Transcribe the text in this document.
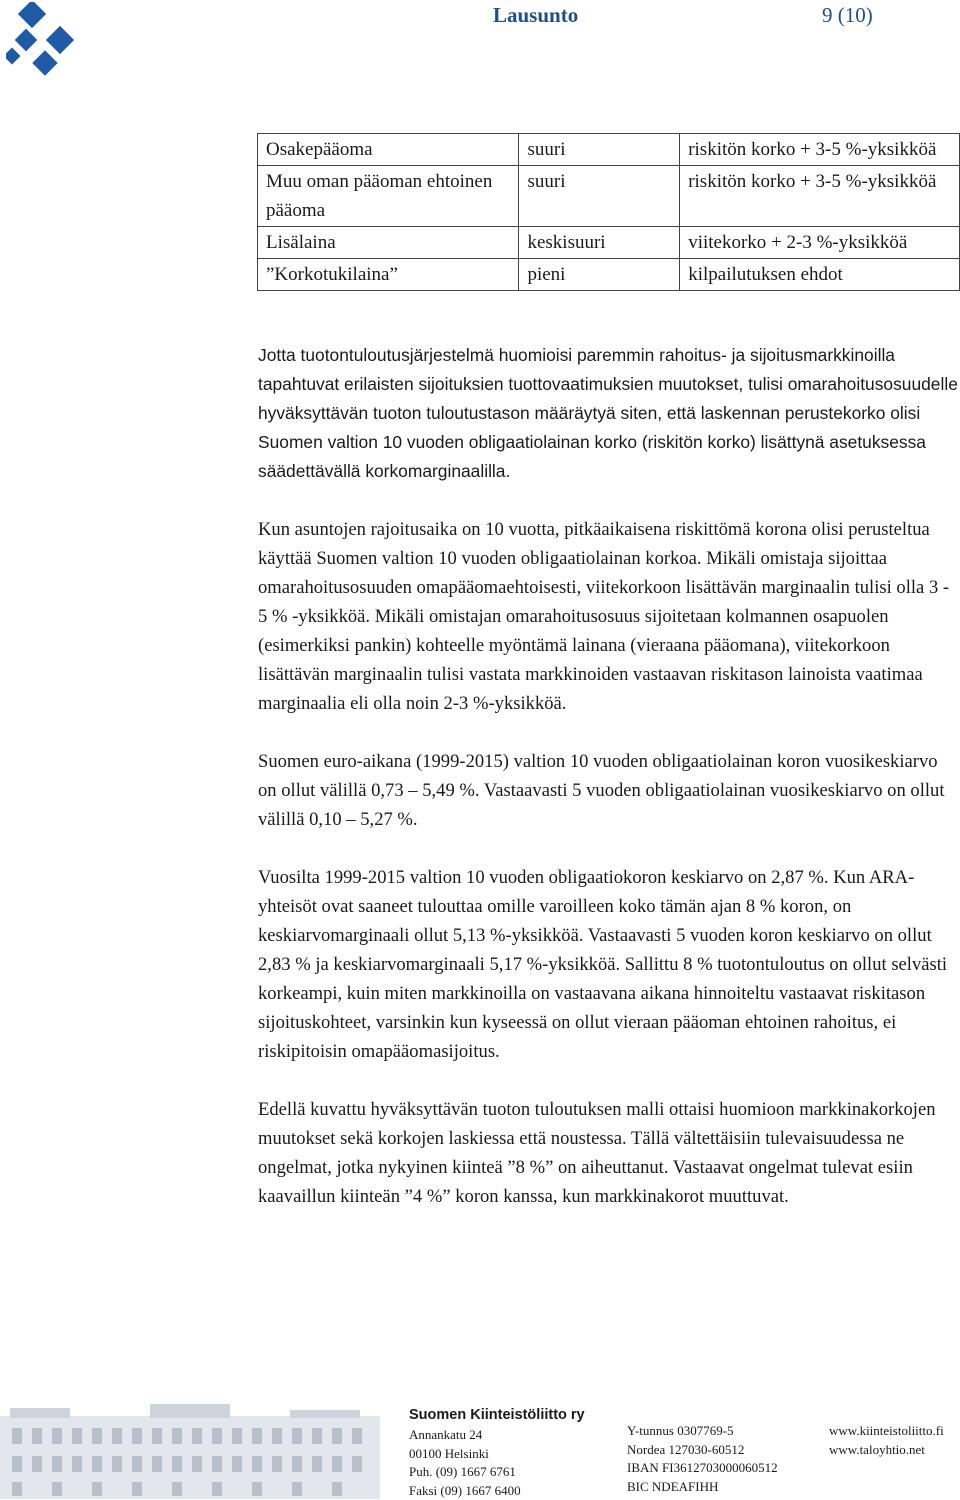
Lausunto	9 (10)
Osakepääoma	suuri	riskitön korko + 3-5 %-yksikköä
Muu oman pääoman ehtoinen pääoma	suuri	riskitön korko + 3-5 %-yksikköä
Lisälaina	keskisuuri	viitekorko + 2-3 %-yksikköä
”Korkotukilaina”	pieni	kilpailutuksen ehdot

Jotta tuotontuloutusjärjestelmä huomioisi paremmin rahoitus- ja sijoitusmarkkinoilla tapahtuvat erilaisten sijoituksien tuottovaatimuksien muutokset, tulisi omarahoitusosuudelle hyväksyttävän tuoton tuloutustason määräytyä siten, että laskennan perustekorko olisi Suomen valtion 10 vuoden obligaatiolainan korko (riskitön korko) lisättynä asetuksessa säädettävällä korkomarginaalilla.

Kun asuntojen rajoitusaika on 10 vuotta, pitkäaikaisena riskittömä korona olisi perusteltua käyttää Suomen valtion 10 vuoden obligaatiolainan korkoa. Mikäli omistaja sijoittaa omarahoitusosuuden omapääomaehtoisesti, viitekorkoon lisättävän marginaalin tulisi olla 3 - 5 % -yksikköä. Mikäli omistajan omarahoitusosuus sijoitetaan kolmannen osapuolen (esimerkiksi pankin) kohteelle myöntämä lainana (vieraana pääomana), viitekorkoon lisättävän marginaalin tulisi vastata markkinoiden vastaavan riskitason lainoista vaatimaa marginaalia eli olla noin 2-3 %-yksikköä.

Suomen euro-aikana (1999-2015) valtion 10 vuoden obligaatiolainan koron vuosikeskiarvo on ollut välillä 0,73 – 5,49 %. Vastaavasti 5 vuoden obligaatiolainan vuosikeskiarvo on ollut välillä 0,10 – 5,27 %.

Vuosilta 1999-2015 valtion 10 vuoden obligaatiokoron keskiarvo on 2,87 %. Kun ARA-yhteisöt ovat saaneet tulouttaa omille varoilleen koko tämän ajan 8 % koron, on keskiarvomarginaali ollut 5,13 %-yksikköä. Vastaavasti 5 vuoden koron keskiarvo on ollut 2,83 % ja keskiarvomarginaali 5,17 %-yksikköä. Sallittu 8 % tuotontuloutus on ollut selvästi korkeampi, kuin miten markkinoilla on vastaavana aikana hinnoiteltu vastaavat riskitason sijoituskohteet, varsinkin kun kyseessä on ollut vieraan pääoman ehtoinen rahoitus, ei riskipitoisin omapääomasijoitus.

Edellä kuvattu hyväksyttävän tuoton tuloutuksen malli ottaisi huomioon markkinakorkojen muutokset sekä korkojen laskiessa että noustessa. Tällä vältettäisiin tulevaisuudessa ne ongelmat, jotka nykyinen kiinteä ”8 %” on aiheuttanut. Vastaavat ongelmat tulevat esiin kaavaillun kiinteän ”4 %” koron kanssa, kun markkinakorot muuttuvat.

Suomen Kiinteistöliitto ry
Annankatu 24
00100 Helsinki
Puh. (09) 1667 6761
Faksi (09) 1667 6400
Y-tunnus 0307769-5
Nordea 127030-60512
IBAN FI3612703000060512
BIC NDEAFIHH
www.kiinteistoliitto.fi
www.taloyhtio.net
